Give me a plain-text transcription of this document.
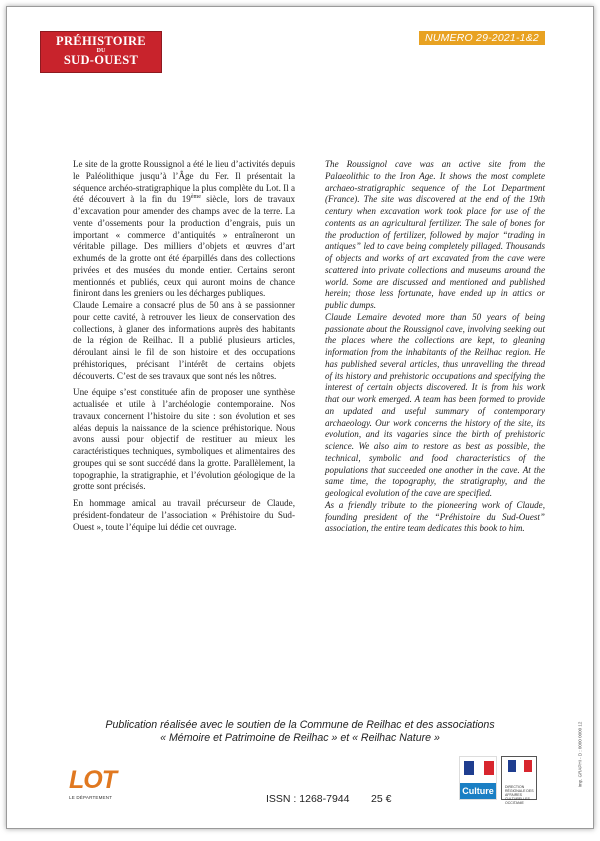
PRÉHISTOIRE
DU
SUD-OUEST
NUMERO 29-2021-1&2

Le site de la grotte Roussignol a été le lieu d’activités depuis le Paléolithique jusqu’à l’Âge du Fer. Il présentait la séquence archéo-stratigraphique la plus complète du Lot. Il a été découvert à la fin du 19ème siècle, lors de travaux d’excavation pour amender des champs avec de la terre. La vente d’ossements pour la production d’engrais, puis un important « commerce d’antiquités » entraîneront un véritable pillage. Des milliers d’objets et œuvres d’art exhumés de la grotte ont été éparpillés dans des collections privées et des musées du monde entier. Certains seront mentionnés et publiés, ceux qui auront moins de chance finiront dans les greniers ou les décharges publiques.

Claude Lemaire a consacré plus de 50 ans à se passionner pour cette cavité, à retrouver les lieux de conservation des collections, à glaner des informations auprès des habitants de la région de Reilhac. Il a publié plusieurs articles, déroulant ainsi le fil de son histoire et des occupations préhistoriques, précisant l’intérêt de certains objets découverts. C’est de ses travaux que sont nés les nôtres.

Une équipe s’est constituée afin de proposer une synthèse actualisée et utile à l’archéologie contemporaine. Nos travaux concernent l’histoire du site : son évolution et ses aléas depuis la naissance de la science préhistorique. Nous avons aussi pour objectif de restituer au mieux les caractéristiques techniques, symboliques et alimentaires des groupes qui se sont succédé dans la grotte. Parallèlement, la topographie, la stratigraphie, et l’évolution géologique de la grotte sont précisés.

En hommage amical au travail précurseur de Claude, président-fondateur de l’association « Préhistoire du Sud-Ouest », toute l’équipe lui dédie cet ouvrage.

The Roussignol cave was an active site from the Palaeolithic to the Iron Age. It shows the most complete archaeo-stratigraphic sequence of the Lot Department (France). The site was discovered at the end of the 19th century when excavation work took place for use of the contents as an agricultural fertilizer. The sale of bones for the production of fertilizer, followed by major “trading in antiques” led to cave being completely pillaged. Thousands of objects and works of art excavated from the cave were scattered into private collections and museums around the world. Some are discussed and mentioned and published herein; those less fortunate, have ended up in attics or public dumps.

Claude Lemaire devoted more than 50 years of being passionate about the Roussignol cave, involving seeking out the places where the collections are kept, to gleaning information from the inhabitants of the Reilhac region. He has published several articles, thus unravelling the thread of its history and prehistoric occupations and specifying the interest of certain objects discovered. It is from his work that our work emerged. A team has been formed to provide an updated and useful summary of contemporary archaeology. Our work concerns the history of the site, its evolution, and its vagaries since the birth of prehistoric science. We also aim to restore as best as possible, the technical, symbolic and food characteristics of the populations that succeeded one another in the cave. At the same time, the topography, the stratigraphy, and the geological evolution of the cave are specified.

As a friendly tribute to the pioneering work of Claude, founding president of the “Préhistoire du Sud-Ouest” association, the entire team dedicates this book to him.

Publication réalisée avec le soutien de la Commune de Reilhac et des associations
« Mémoire et Patrimoine de Reilhac » et « Reilhac Nature »
LOT
LE DÉPARTEMENT	ISSN : 1268-7944 25 €
Culture	DIRECTION RÉGIONALE DES AFFAIRES CULTURELLES OCCITANIE
Imp. GRAPHI - D : 0000 0000 12
